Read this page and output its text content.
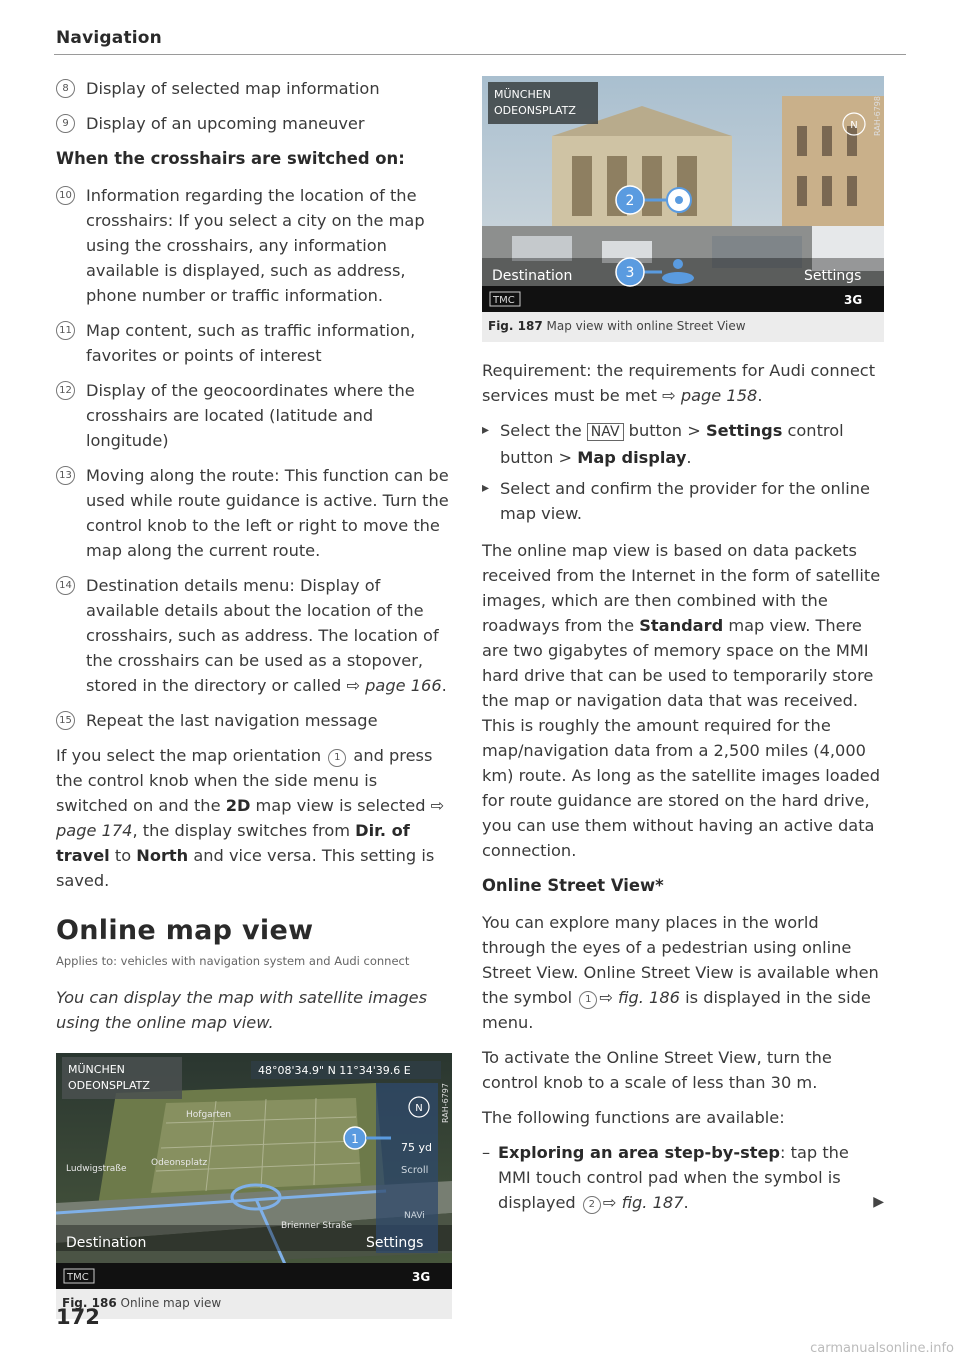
Navigation
8	Display of selected map information
9	Display of an upcoming maneuver
When the crosshairs are switched on:
10 Information regarding the location of the crosshairs: If you select a city on the map using the crosshairs, any information available is displayed, such as address, phone number or traffic information.
11 Map content, such as traffic information, favorites or points of interest
12 Display of the geocoordinates where the crosshairs are located (latitude and longitude)
13 Moving along the route: This function can be used while route guidance is active. Turn the control knob to the left or right to move the map along the current route.
14 Destination details menu: Display of available details about the location of the crosshairs, such as address. The location of the crosshairs can be used as a stopover, stored in the directory or called ⇨ page 166.
15 Repeat the last navigation message

If you select the map orientation 1 and press the control knob when the side menu is switched on and the 2D map view is selected ⇨ page 174, the display switches from Dir. of travel to North and vice versa. This setting is saved.

Online map view
Applies to: vehicles with navigation system and Audi connect
You can display the map with satellite images using the online map view.
1
MÜNCHEN
ODEONSPLATZ
48°08'34.9" N 11°34'39.6 E
N
75 yd
Scroll
NAVi
Ludwigstraße
Odeonsplatz
Brienner Straße
Hofgarten
Destination	Settings
TMC	3G
RAH-6797
Fig. 186 Online map view
2
3
N
MÜNCHEN
ODEONSPLATZ
Destination	Settings
TMC	3G
RAH-6798
Fig. 187 Map view with online Street View

Requirement: the requirements for Audi connect services must be met ⇨ page 158.

▸ Select the NAV button > Settings control button > Map display.
▸ Select and confirm the provider for the online map view.

The online map view is based on data packets received from the Internet in the form of satellite images, which are then combined with the roadways from the Standard map view. There are two gigabytes of memory space on the MMI hard drive that can be used to temporarily store the map or navigation data that was received. This is roughly the amount required for the map/navigation data from a 2,500 miles (4,000 km) route. As long as the satellite images loaded for route guidance are stored on the hard drive, you can use them without having an active data connection.

Online Street View*

You can explore many places in the world through the eyes of a pedestrian using online Street View. Online Street View is available when the symbol 1 ⇨ fig. 186 is displayed in the side menu.

To activate the Online Street View, turn the control knob to a scale of less than 30 m.

The following functions are available:

– Exploring an area step-by-step: tap the MMI touch control pad when the symbol is displayed 2 ⇨ fig. 187.	▶
172
carmanualsonline.info
